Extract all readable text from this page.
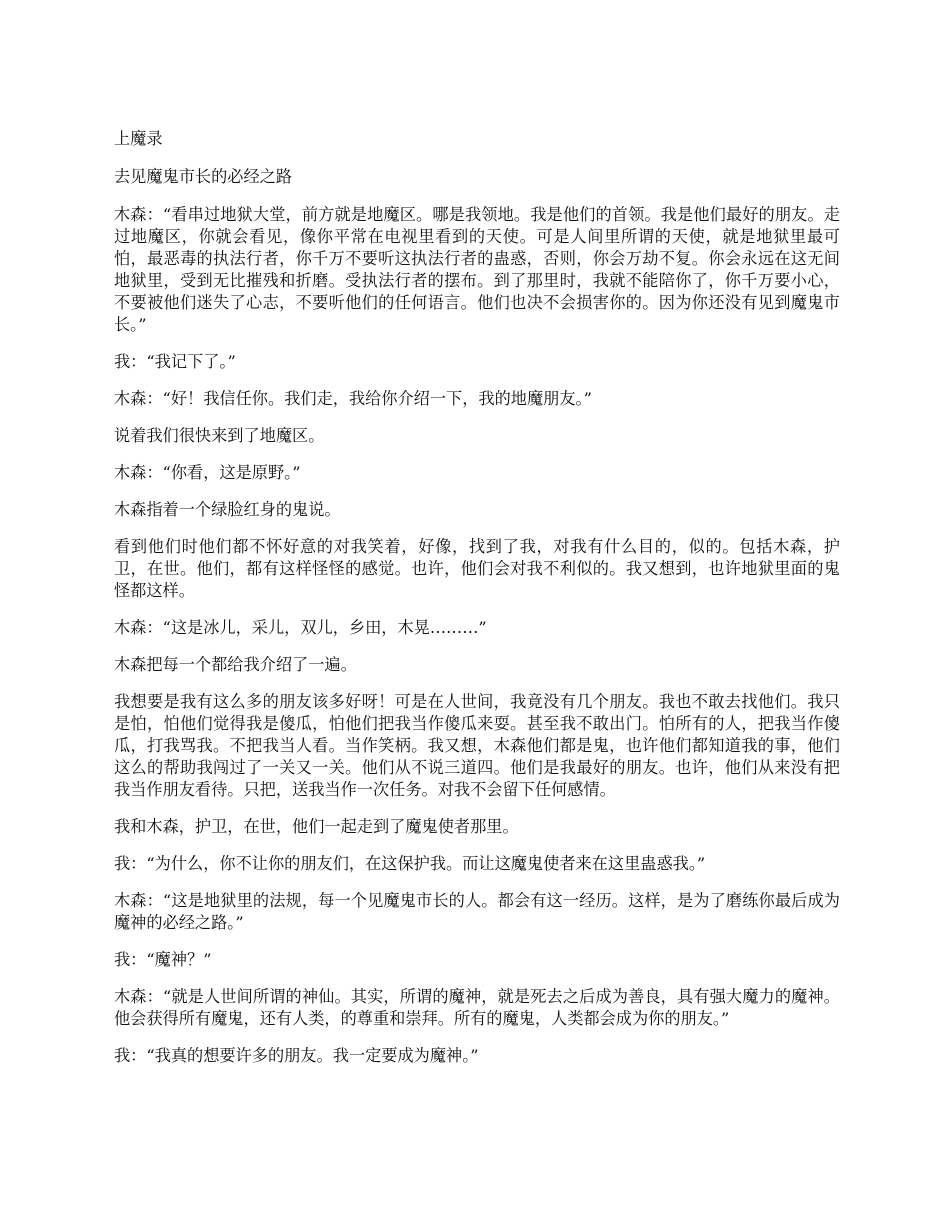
上魔录

去见魔鬼市长的必经之路

木森：“看串过地狱大堂，前方就是地魔区。哪是我领地。我是他们的首领。我是他们最好的朋友。走过地魔区，你就会看见，像你平常在电视里看到的天使。可是人间里所谓的天使，就是地狱里最可怕，最恶毒的执法行者，你千万不要听这执法行者的蛊惑，否则，你会万劫不复。你会永远在这无间地狱里，受到无比摧残和折磨。受执法行者的摆布。到了那里时，我就不能陪你了，你千万要小心，不要被他们迷失了心志，不要听他们的任何语言。他们也决不会损害你的。因为你还没有见到魔鬼市长。”

我：“我记下了。”

木森：“好！我信任你。我们走，我给你介绍一下，我的地魔朋友。”

说着我们很快来到了地魔区。

木森：“你看，这是原野。”

木森指着一个绿脸红身的鬼说。

看到他们时他们都不怀好意的对我笑着，好像，找到了我，对我有什么目的，似的。包括木森，护卫，在世。他们，都有这样怪怪的感觉。也许，他们会对我不利似的。我又想到，也许地狱里面的鬼怪都这样。

木森：“这是冰儿，采儿，双儿，乡田，木晃………”

木森把每一个都给我介绍了一遍。

我想要是我有这么多的朋友该多好呀！可是在人世间，我竟没有几个朋友。我也不敢去找他们。我只是怕，怕他们觉得我是傻瓜，怕他们把我当作傻瓜来耍。甚至我不敢出门。怕所有的人，把我当作傻瓜，打我骂我。不把我当人看。当作笑柄。我又想，木森他们都是鬼，也许他们都知道我的事，他们这么的帮助我闯过了一关又一关。他们从不说三道四。他们是我最好的朋友。也许，他们从来没有把我当作朋友看待。只把，送我当作一次任务。对我不会留下任何感情。

我和木森，护卫，在世，他们一起走到了魔鬼使者那里。

我：“为什么，你不让你的朋友们，在这保护我。而让这魔鬼使者来在这里蛊惑我。”

木森：“这是地狱里的法规，每一个见魔鬼市长的人。都会有这一经历。这样，是为了磨练你最后成为魔神的必经之路。”

我：“魔神？”

木森：“就是人世间所谓的神仙。其实，所谓的魔神，就是死去之后成为善良，具有强大魔力的魔神。他会获得所有魔鬼，还有人类，的尊重和崇拜。所有的魔鬼，人类都会成为你的朋友。”

我：“我真的想要许多的朋友。我一定要成为魔神。”
